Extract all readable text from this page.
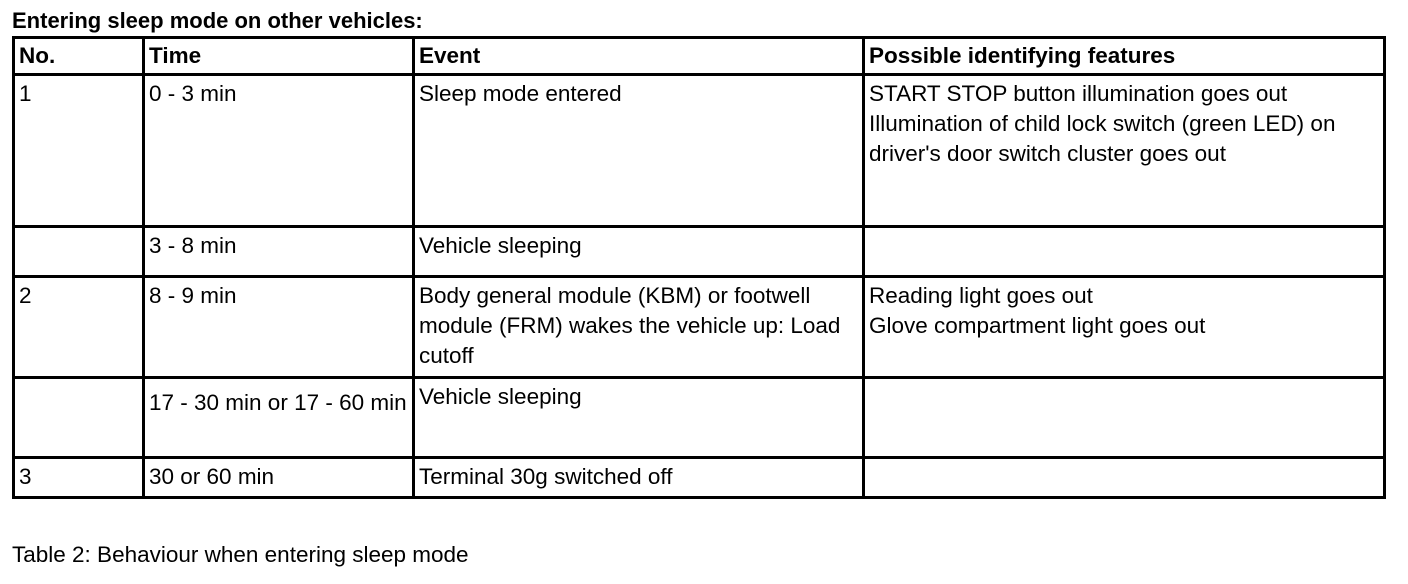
Entering sleep mode on other vehicles:
No.	Time	Event	Possible identifying features
1	0 - 3 min	Sleep mode entered	START STOP button illumination goes out
Illumination of child lock switch (green LED) on driver's door switch cluster goes out

	3 - 8 min	Vehicle sleeping	
2	8 - 9 min	Body general module (KBM) or footwell module (FRM) wakes the vehicle up: Load cutoff	Reading light goes out
Glove compartment light goes out

	17 - 30 min or 17 - 60 min	Vehicle sleeping	
3	30 or 60 min	Terminal 30g switched off	
Table 2: Behaviour when entering sleep mode
